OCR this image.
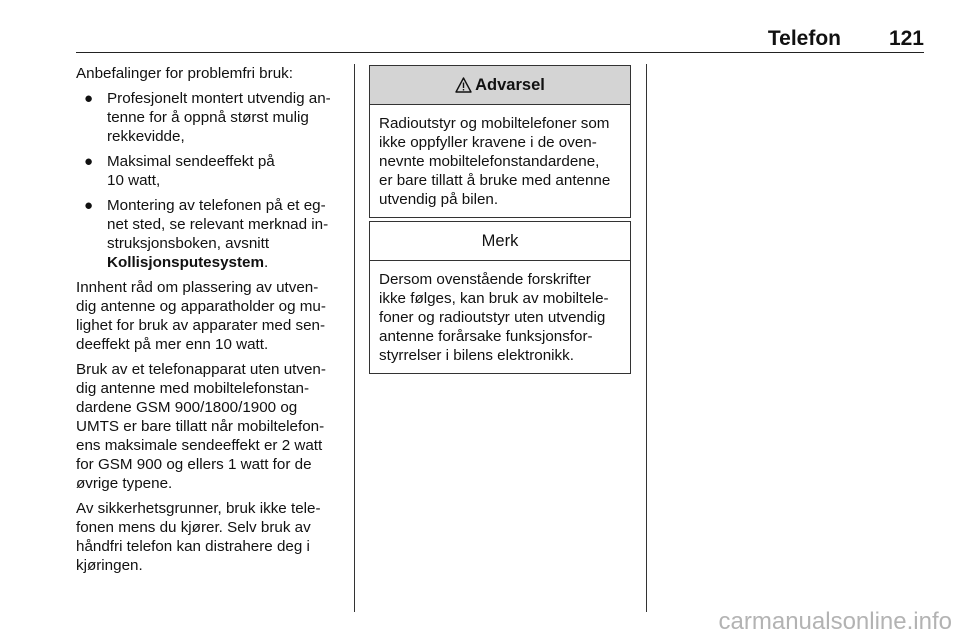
Telefon 121

Anbefalinger for problemfri bruk:

● Profesjonelt montert utvendig an-
tenne for å oppnå størst mulig
rekkevidde,
● Maksimal sendeeffekt på
10 watt,
● Montering av telefonen på et eg-
net sted, se relevant merknad in-
struksjonsboken, avsnitt
Kollisjonsputesystem.

Innhent råd om plassering av utven-
dig antenne og apparatholder og mu-
lighet for bruk av apparater med sen-
deeffekt på mer enn 10 watt.

Bruk av et telefonapparat uten utven-
dig antenne med mobiltelefonstan-
dardene GSM 900/1800/1900 og
UMTS er bare tillatt når mobiltelefon-
ens maksimale sendeeffekt er 2 watt
for GSM 900 og ellers 1 watt for de
øvrige typene.

Av sikkerhetsgrunner, bruk ikke tele-
fonen mens du kjører. Selv bruk av
håndfri telefon kan distrahere deg i
kjøringen.

Advarsel
Radioutstyr og mobiltelefoner som
ikke oppfyller kravene i de oven-
nevnte mobiltelefonstandardene,
er bare tillatt å bruke med antenne
utvendig på bilen.
Merk
Dersom ovenstående forskrifter
ikke følges, kan bruk av mobiltele-
foner og radioutstyr uten utvendig
antenne forårsake funksjonsfor-
styrrelser i bilens elektronikk.
carmanualsonline.info
